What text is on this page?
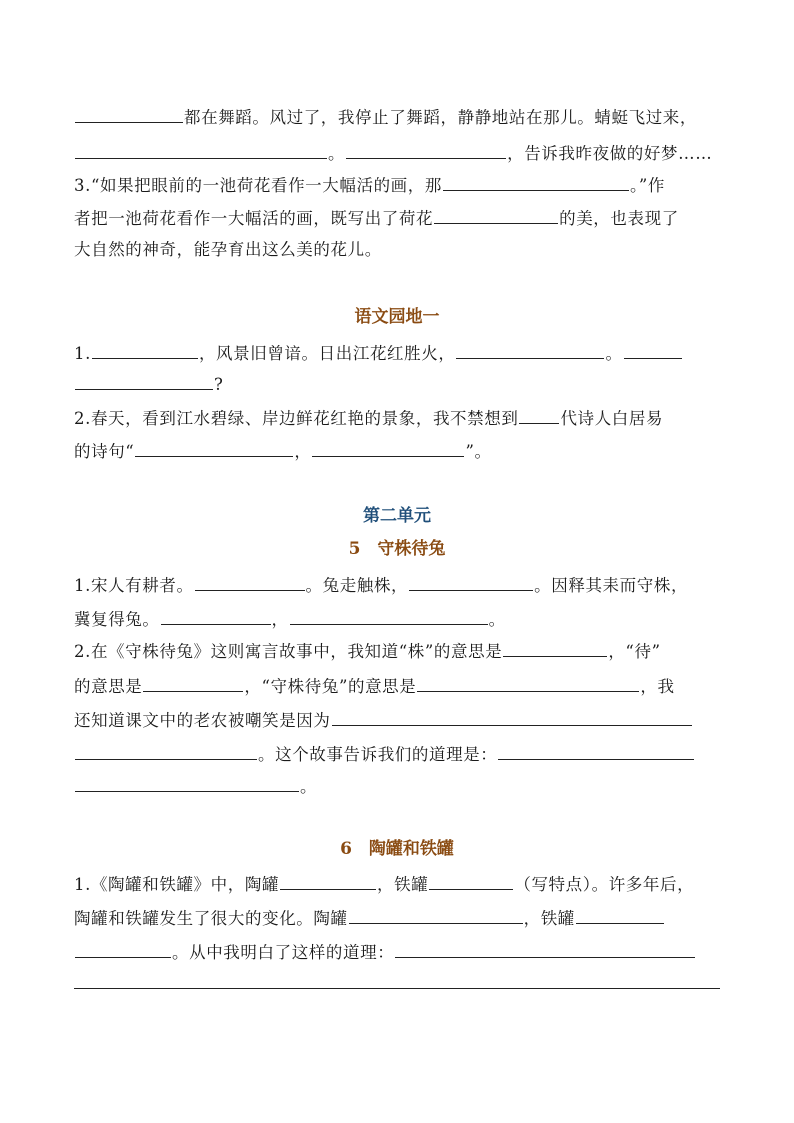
都在舞蹈。风过了，我停止了舞蹈，静静地站在那儿。蜻蜓飞过来，
。	，告诉我昨夜做的好梦……
3.“如果把眼前的一池荷花看作一大幅活的画，那	。”作
者把一池荷花看作一大幅活的画，既写出了荷花	的美，也表现了
大自然的神奇，能孕育出这么美的花儿。
语文园地一
1.	，风景旧曾谙。日出江花红胜火，	。
?
2.春天，看到江水碧绿、岸边鲜花红艳的景象，我不禁想到	代诗人白居易
的诗句“	，	”。
第二单元
5　守株待兔
1.宋人有耕者。	。兔走触株，	。因释其耒而守株，
冀复得兔。	，	。
2.在《守株待兔》这则寓言故事中，我知道“株”的意思是	，“待”
的意思是	，“守株待兔”的意思是	，我
还知道课文中的老农被嘲笑是因为
。这个故事告诉我们的道理是：
。
6　陶罐和铁罐
1.《陶罐和铁罐》中，陶罐	，铁罐	（写特点）。许多年后，
陶罐和铁罐发生了很大的变化。陶罐	，铁罐
。从中我明白了这样的道理：
